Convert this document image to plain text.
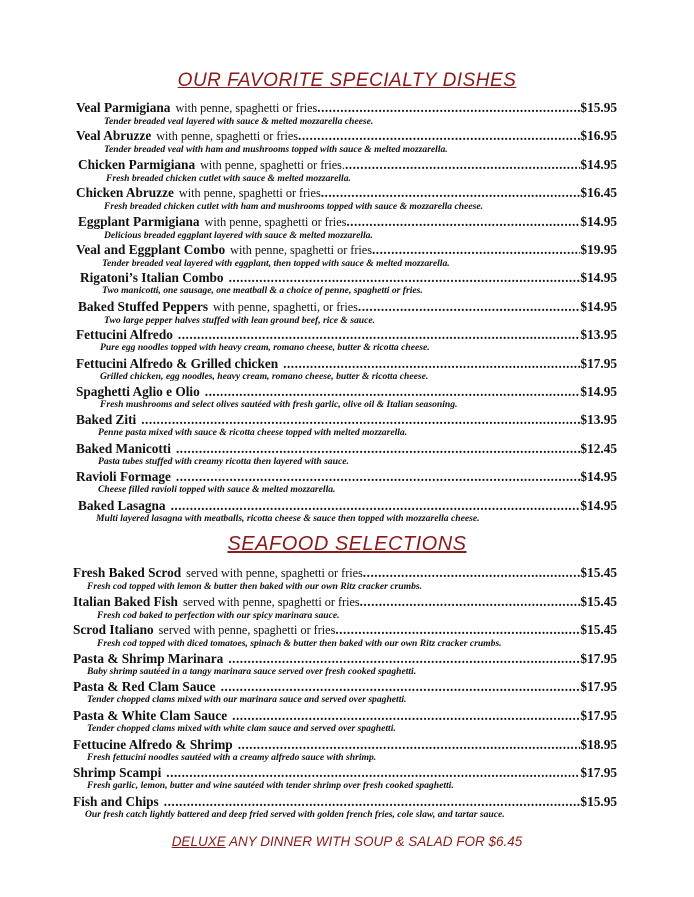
OUR FAVORITE SPECIALTY DISHES
Veal Parmigiana with penne, spaghetti or fries .....	$15.95
Tender breaded veal layered with sauce & melted mozzarella cheese.
Veal Abruzze with penne, spaghetti or fries .....	$16.95
Tender breaded veal with ham and mushrooms topped with sauce & melted mozzarella.
Chicken Parmigiana with penne, spaghetti or fries. .....	$14.95
Fresh breaded chicken cutlet with sauce & melted mozzarella.
Chicken Abruzze with penne, spaghetti or fries .....	$16.45
Fresh breaded chicken cutlet with ham and mushrooms topped with sauce & mozzarella cheese.
Eggplant Parmigiana with penne, spaghetti or fries .....	$14.95
Delicious breaded eggplant layered with sauce & melted mozzarella.
Veal and Eggplant Combo with penne, spaghetti or fries .....	$19.95
Tender breaded veal layered with eggplant, then topped with sauce & melted mozzarella.
Rigatoni’s Italian Combo .....	$14.95
Two manicotti, one sausage, one meatball & a choice of penne, spaghetti or fries.
Baked Stuffed Peppers with penne, spaghetti, or fries .....	$14.95
Two large pepper halves stuffed with lean ground beef, rice & sauce.
Fettucini Alfredo .....	$13.95
Pure egg noodles topped with heavy cream, romano cheese, butter & ricotta cheese.
Fettucini Alfredo & Grilled chicken .....	$17.95
Grilled chicken, egg noodles, heavy cream, romano cheese, butter & ricotta cheese.
Spaghetti Aglio e Olio .....	$14.95
Fresh mushrooms and select olives sautéed with fresh garlic, olive oil & Italian seasoning.
Baked Ziti .....	$13.95
Penne pasta mixed with sauce & ricotta cheese topped with melted mozzarella.
Baked Manicotti .....	$12.45
Pasta tubes stuffed with creamy ricotta then layered with sauce.
Ravioli Formage .....	$14.95
Cheese filled ravioli topped with sauce & melted mozzarella.
Baked Lasagna .....	$14.95
Multi layered lasagna with meatballs, ricotta cheese & sauce then topped with mozzarella cheese.
SEAFOOD SELECTIONS
Fresh Baked Scrod served with penne, spaghetti or fries .....	$15.45
Fresh cod topped with lemon & butter then baked with our own Ritz cracker crumbs.
Italian Baked Fish served with penne, spaghetti or fries .....	$15.45
Fresh cod baked to perfection with our spicy marinara sauce.
Scrod Italiano served with penne, spaghetti or fries .....	$15.45
Fresh cod topped with diced tomatoes, spinach & butter then baked with our own Ritz cracker crumbs.
Pasta & Shrimp Marinara .....	$17.95
Baby shrimp sautéed in a tangy marinara sauce served over fresh cooked spaghetti.
Pasta & Red Clam Sauce .....	$17.95
Tender chopped clams mixed with our marinara sauce and served over spaghetti.
Pasta & White Clam Sauce .....	$17.95
Tender chopped clams mixed with white clam sauce and served over spaghetti.
Fettucine Alfredo & Shrimp .....	$18.95
Fresh fettucini noodles sautéed with a creamy alfredo sauce with shrimp.
Shrimp Scampi .....	$17.95
Fresh garlic, lemon, butter and wine sautéed with tender shrimp over fresh cooked spaghetti.
Fish and Chips .....	$15.95
Our fresh catch lightly battered and deep fried served with golden french fries, cole slaw, and tartar sauce.
DELUXE ANY DINNER WITH SOUP & SALAD FOR $6.45
